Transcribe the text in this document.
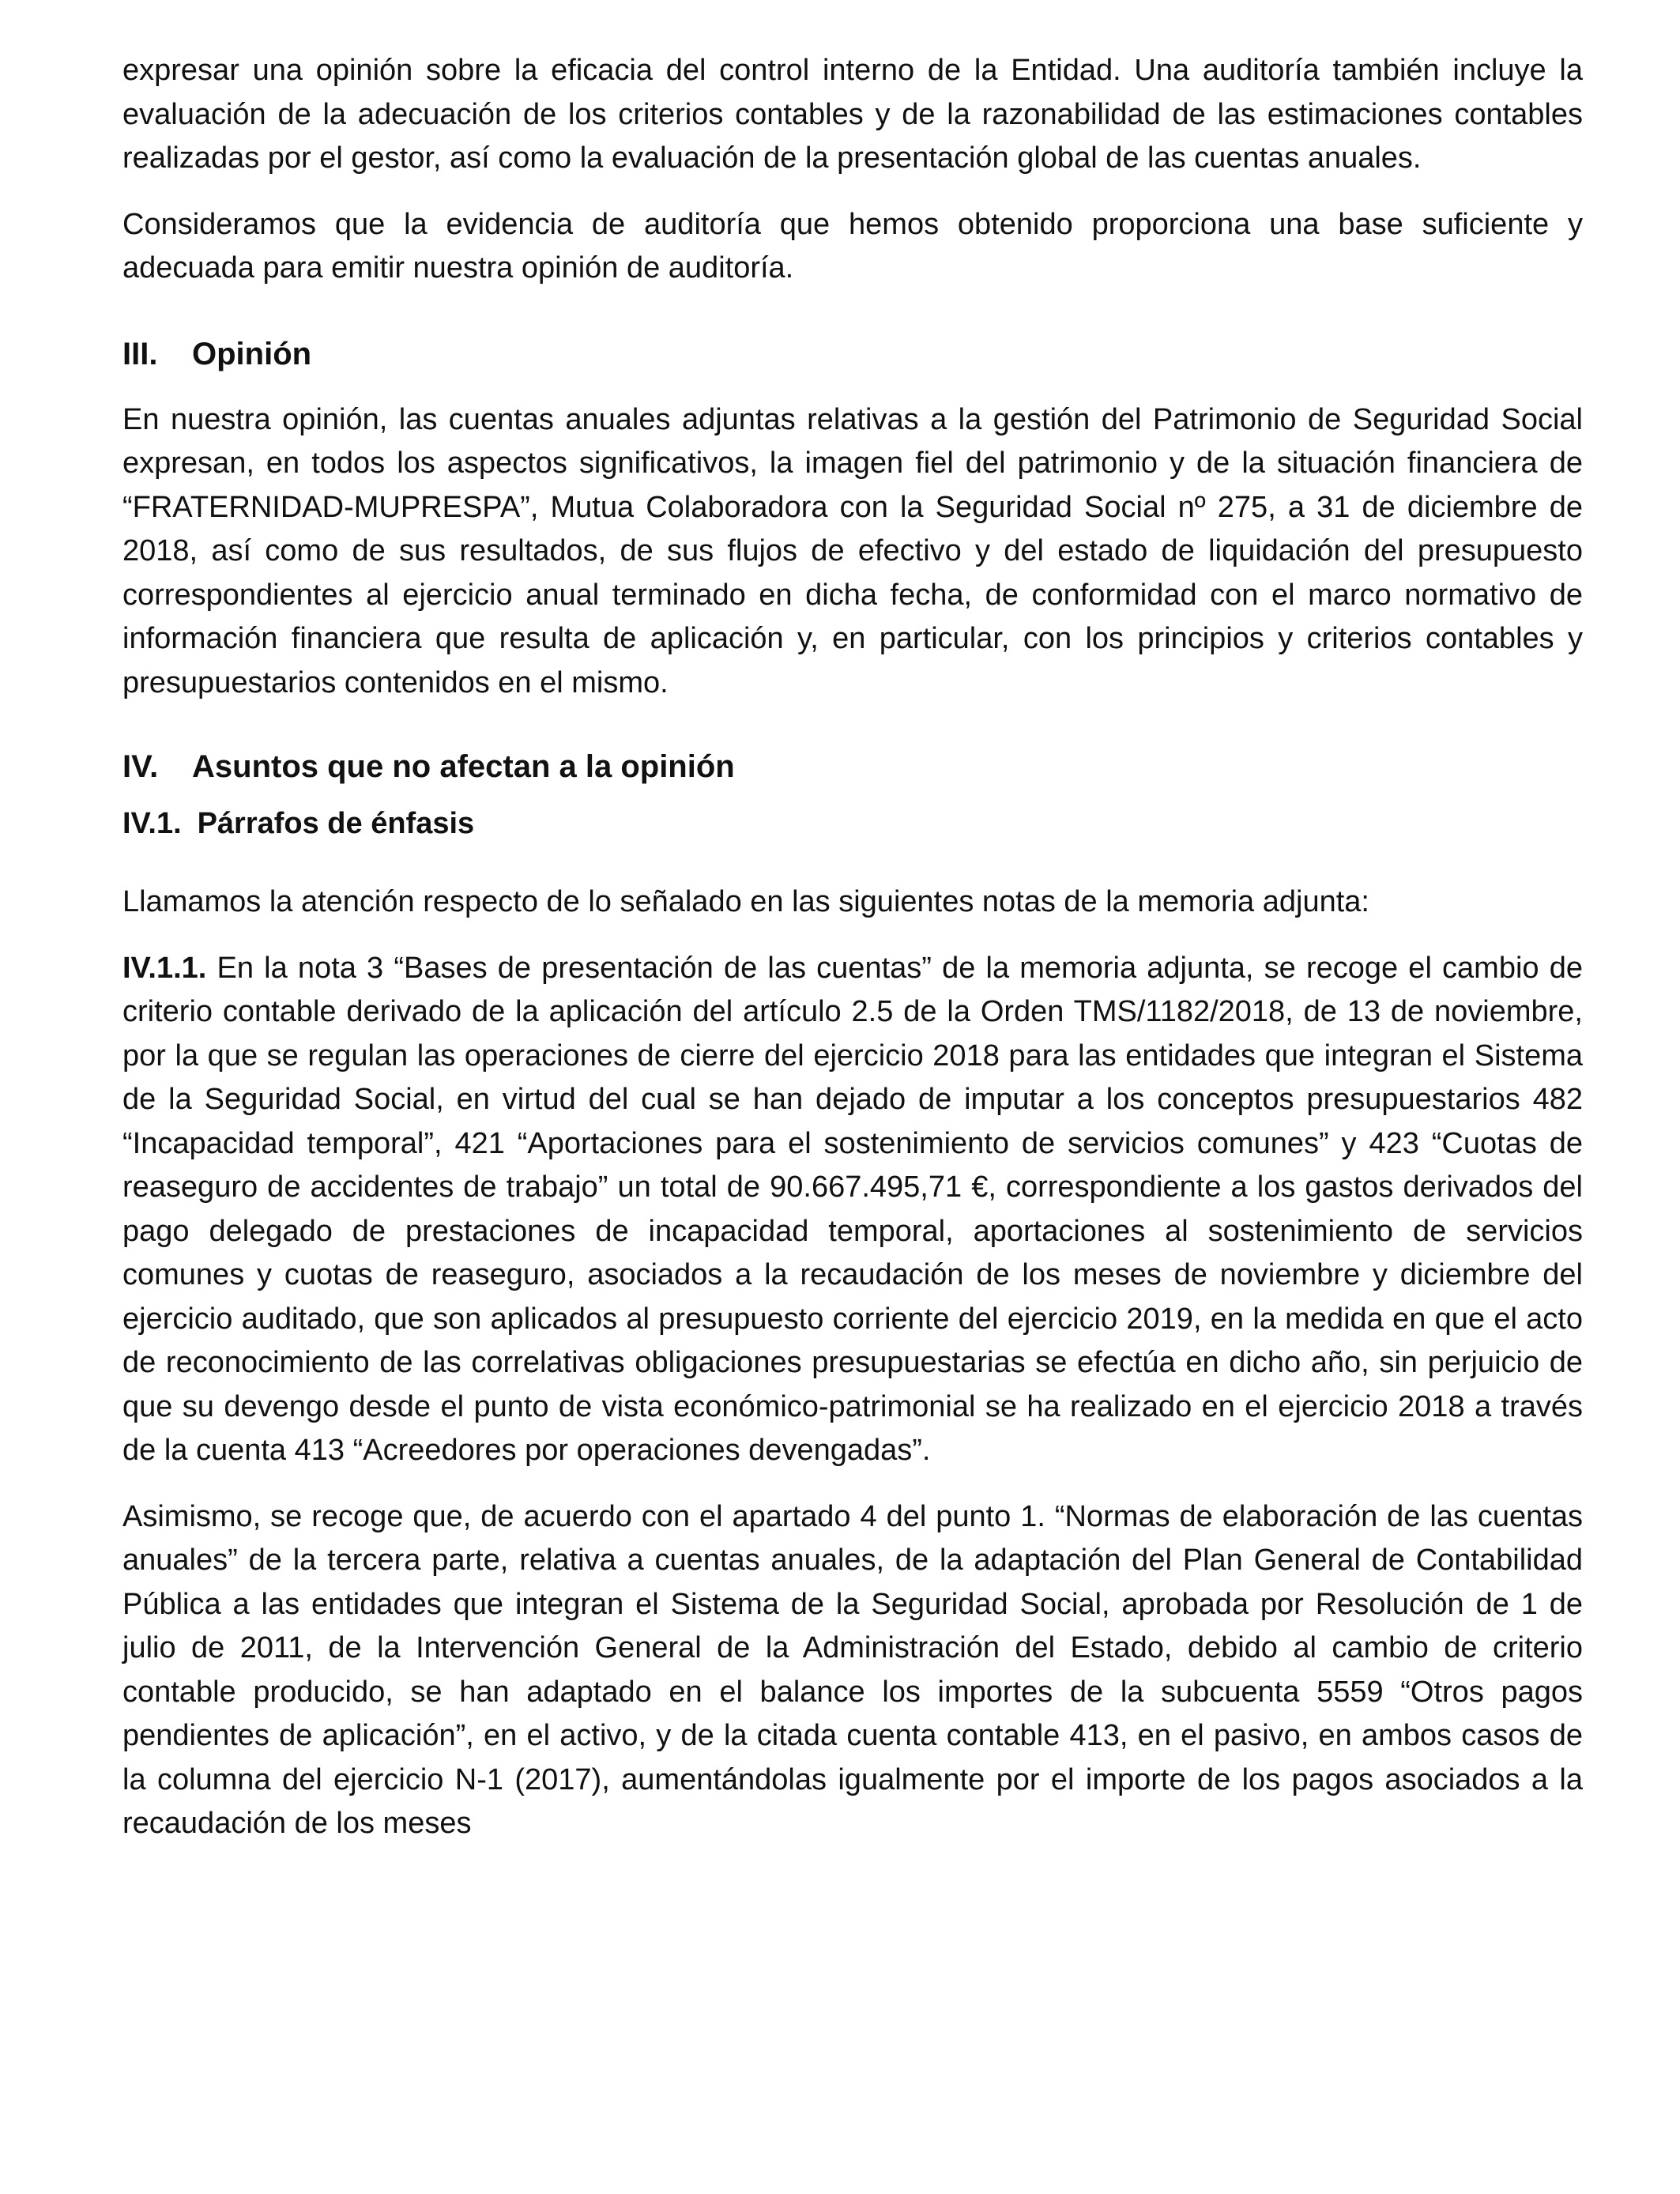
expresar una opinión sobre la eficacia del control interno de la Entidad. Una auditoría también incluye la evaluación de la adecuación de los criterios contables y de la razonabilidad de las estimaciones contables realizadas por el gestor, así como la evaluación de la presentación global de las cuentas anuales.

Consideramos que la evidencia de auditoría que hemos obtenido proporciona una base suficiente y adecuada para emitir nuestra opinión de auditoría.

III. Opinión

En nuestra opinión, las cuentas anuales adjuntas relativas a la gestión del Patrimonio de Seguridad Social expresan, en todos los aspectos significativos, la imagen fiel del patrimonio y de la situación financiera de “FRATERNIDAD-MUPRESPA”, Mutua Colaboradora con la Seguridad Social nº 275, a 31 de diciembre de 2018, así como de sus resultados, de sus flujos de efectivo y del estado de liquidación del presupuesto correspondientes al ejercicio anual terminado en dicha fecha, de conformidad con el marco normativo de información financiera que resulta de aplicación y, en particular, con los principios y criterios contables y presupuestarios contenidos en el mismo.

IV. Asuntos que no afectan a la opinión
IV.1. Párrafos de énfasis

Llamamos la atención respecto de lo señalado en las siguientes notas de la memoria adjunta:

IV.1.1. En la nota 3 “Bases de presentación de las cuentas” de la memoria adjunta, se recoge el cambio de criterio contable derivado de la aplicación del artículo 2.5 de la Orden TMS/1182/2018, de 13 de noviembre, por la que se regulan las operaciones de cierre del ejercicio 2018 para las entidades que integran el Sistema de la Seguridad Social, en virtud del cual se han dejado de imputar a los conceptos presupuestarios 482 “Incapacidad temporal”, 421 “Aportaciones para el sostenimiento de servicios comunes” y 423 “Cuotas de reaseguro de accidentes de trabajo” un total de 90.667.495,71 €, correspondiente a los gastos derivados del pago delegado de prestaciones de incapacidad temporal, aportaciones al sostenimiento de servicios comunes y cuotas de reaseguro, asociados a la recaudación de los meses de noviembre y diciembre del ejercicio auditado, que son aplicados al presupuesto corriente del ejercicio 2019, en la medida en que el acto de reconocimiento de las correlativas obligaciones presupuestarias se efectúa en dicho año, sin perjuicio de que su devengo desde el punto de vista económico-patrimonial se ha realizado en el ejercicio 2018 a través de la cuenta 413 “Acreedores por operaciones devengadas”.

Asimismo, se recoge que, de acuerdo con el apartado 4 del punto 1. “Normas de elaboración de las cuentas anuales” de la tercera parte, relativa a cuentas anuales, de la adaptación del Plan General de Contabilidad Pública a las entidades que integran el Sistema de la Seguridad Social, aprobada por Resolución de 1 de julio de 2011, de la Intervención General de la Administración del Estado, debido al cambio de criterio contable producido, se han adaptado en el balance los importes de la subcuenta 5559 “Otros pagos pendientes de aplicación”, en el activo, y de la citada cuenta contable 413, en el pasivo, en ambos casos de la columna del ejercicio N-1 (2017), aumentándolas igualmente por el importe de los pagos asociados a la recaudación de los meses
